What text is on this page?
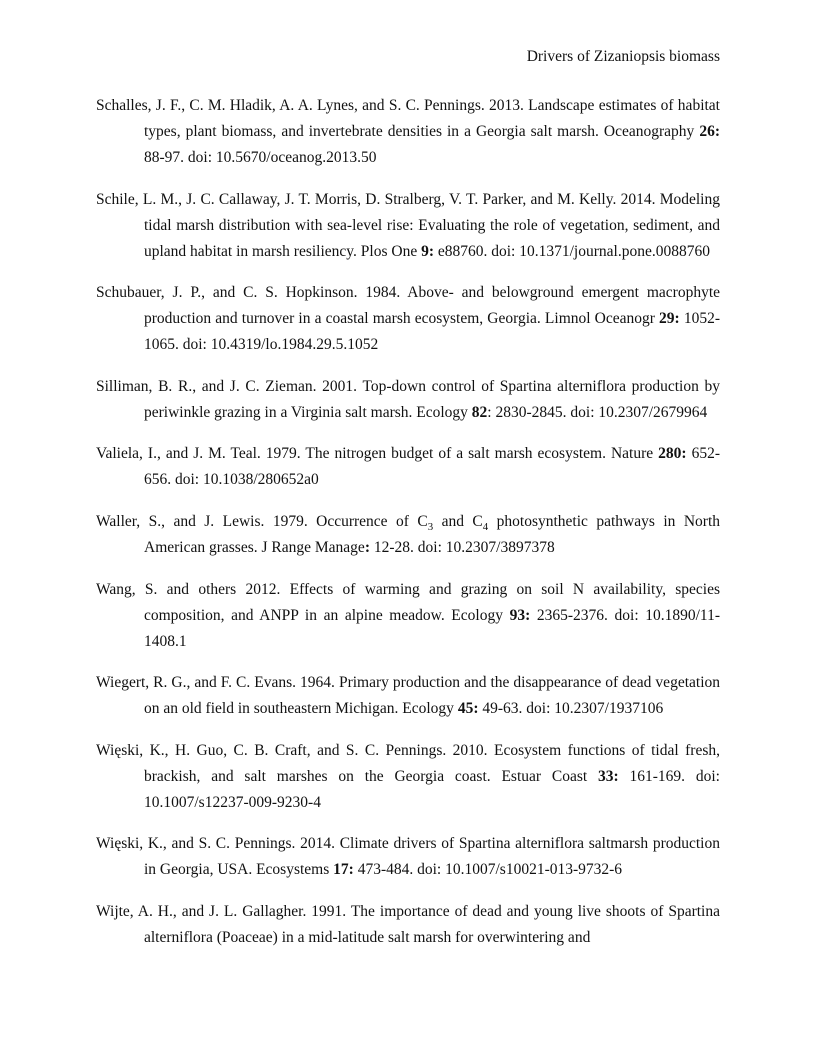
Drivers of Zizaniopsis biomass

Schalles, J. F., C. M. Hladik, A. A. Lynes, and S. C. Pennings. 2013. Landscape estimates of habitat types, plant biomass, and invertebrate densities in a Georgia salt marsh. Oceanography 26: 88-97. doi: 10.5670/oceanog.2013.50

Schile, L. M., J. C. Callaway, J. T. Morris, D. Stralberg, V. T. Parker, and M. Kelly. 2014. Modeling tidal marsh distribution with sea-level rise: Evaluating the role of vegetation, sediment, and upland habitat in marsh resiliency. Plos One 9: e88760. doi: 10.1371/journal.pone.0088760

Schubauer, J. P., and C. S. Hopkinson. 1984. Above- and belowground emergent macrophyte production and turnover in a coastal marsh ecosystem, Georgia. Limnol Oceanogr 29: 1052-1065. doi: 10.4319/lo.1984.29.5.1052

Silliman, B. R., and J. C. Zieman. 2001. Top-down control of Spartina alterniflora production by periwinkle grazing in a Virginia salt marsh. Ecology 82: 2830-2845. doi: 10.2307/2679964

Valiela, I., and J. M. Teal. 1979. The nitrogen budget of a salt marsh ecosystem. Nature 280: 652-656. doi: 10.1038/280652a0

Waller, S., and J. Lewis. 1979. Occurrence of $C_3$ and $C_4$ photosynthetic pathways in North American grasses. J Range Manage: 12-28. doi: 10.2307/3897378

Wang, S. and others 2012. Effects of warming and grazing on soil N availability, species composition, and ANPP in an alpine meadow. Ecology 93: 2365-2376. doi: 10.1890/11-1408.1

Wiegert, R. G., and F. C. Evans. 1964. Primary production and the disappearance of dead vegetation on an old field in southeastern Michigan. Ecology 45: 49-63. doi: 10.2307/1937106

Więski, K., H. Guo, C. B. Craft, and S. C. Pennings. 2010. Ecosystem functions of tidal fresh, brackish, and salt marshes on the Georgia coast. Estuar Coast 33: 161-169. doi: 10.1007/s12237-009-9230-4

Więski, K., and S. C. Pennings. 2014. Climate drivers of Spartina alterniflora saltmarsh production in Georgia, USA. Ecosystems 17: 473-484. doi: 10.1007/s10021-013-9732-6

Wijte, A. H., and J. L. Gallagher. 1991. The importance of dead and young live shoots of Spartina alterniflora (Poaceae) in a mid-latitude salt marsh for overwintering and
